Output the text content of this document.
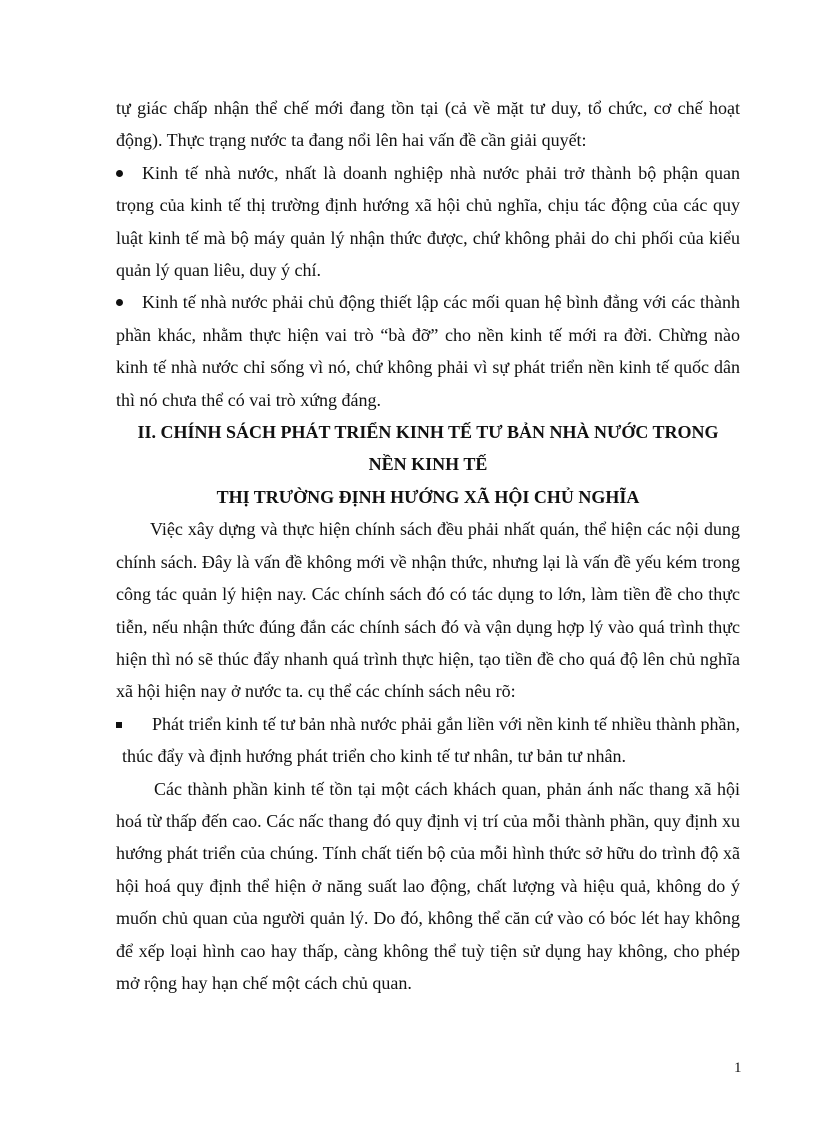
tự giác chấp nhận thể chế mới đang tồn tại (cả về mặt tư duy, tổ chức, cơ chế hoạt động). Thực trạng nước ta đang nổi lên hai vấn đề cần giải quyết:

Kinh tế nhà nước, nhất là doanh nghiệp nhà nước phải trở thành bộ phận quan trọng của kinh tế thị trường định hướng xã hội chủ nghĩa, chịu tác động của các quy luật kinh tế mà bộ máy quản lý nhận thức được, chứ không phải do chi phối của kiểu quản lý quan liêu, duy ý chí.
Kinh tế nhà nước phải chủ động thiết lập các mối quan hệ bình đẳng với các thành phần khác, nhằm thực hiện vai trò “bà đỡ” cho nền kinh tế mới ra đời. Chừng nào kinh tế nhà nước chỉ sống vì nó, chứ không phải vì sự phát triển nền kinh tế quốc dân thì nó chưa thể có vai trò xứng đáng.

II. CHÍNH SÁCH PHÁT TRIỂN KINH TẾ TƯ BẢN NHÀ NƯỚC TRONG

NỀN KINH TẾ

THỊ TRƯỜNG ĐỊNH HƯỚNG XÃ HỘI CHỦ NGHĨA

Việc xây dựng và thực hiện chính sách đều phải nhất quán, thể hiện các nội dung chính sách. Đây là vấn đề không mới về nhận thức, nhưng lại là vấn đề yếu kém trong công tác quản lý hiện nay. Các chính sách đó có tác dụng to lớn, làm tiền đề cho thực tiễn, nếu nhận thức đúng đắn các chính sách đó và vận dụng hợp lý vào quá trình thực hiện thì nó sẽ thúc đẩy nhanh quá trình thực hiện, tạo tiền đề cho quá độ lên chủ nghĩa xã hội hiện nay ở nước ta. cụ thể các chính sách nêu rõ:

Phát triển kinh tế tư bản nhà nước phải gắn liền với nền kinh tế nhiều thành phần, thúc đẩy và định hướng phát triển cho kinh tế tư nhân, tư bản tư nhân.

Các thành phần kinh tế tồn tại một cách khách quan, phản ánh nấc thang xã hội hoá từ thấp đến cao. Các nấc thang đó quy định vị trí của mỗi thành phần, quy định xu hướng phát triển của chúng. Tính chất tiến bộ của mỗi hình thức sở hữu do trình độ xã hội hoá quy định thể hiện ở năng suất lao động, chất lượng và hiệu quả, không do ý muốn chủ quan của người quản lý. Do đó, không thể căn cứ vào có bóc lét hay không để xếp loại hình cao hay thấp, càng không thể tuỳ tiện sử dụng hay không, cho phép mở rộng hay hạn chế một cách chủ quan.

1
